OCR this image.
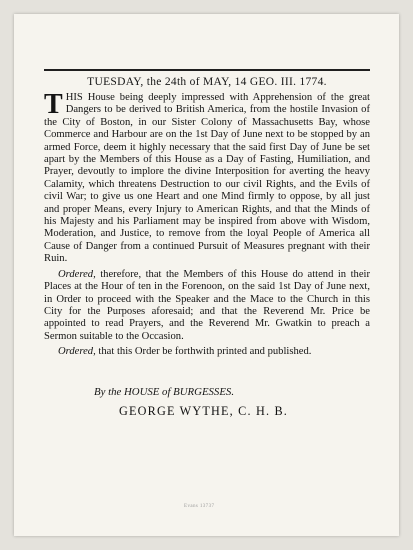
TUESDAY, the 24th of MAY, 14 GEO. III. 1774.

THIS House being deeply impressed with Apprehension of the great Dangers to be derived to British America, from the hostile Invasion of the City of Boston, in our Sister Colony of Massachusetts Bay, whose Commerce and Harbour are on the 1st Day of June next to be stopped by an armed Force, deem it highly necessary that the said first Day of June be set apart by the Members of this House as a Day of Fasting, Humiliation, and Prayer, devoutly to implore the divine Interposition for averting the heavy Calamity, which threatens Destruction to our civil Rights, and the Evils of civil War; to give us one Heart and one Mind firmly to oppose, by all just and proper Means, every Injury to American Rights, and that the Minds of his Majesty and his Parliament may be inspired from above with Wisdom, Moderation, and Justice, to remove from the loyal People of America all Cause of Danger from a continued Pursuit of Measures pregnant with their Ruin.

Ordered, therefore, that the Members of this House do attend in their Places at the Hour of ten in the Forenoon, on the said 1st Day of June next, in Order to proceed with the Speaker and the Mace to the Church in this City for the Purposes aforesaid; and that the Reverend Mr. Price be appointed to read Prayers, and the Reverend Mr. Gwatkin to preach a Sermon suitable to the Occasion.

Ordered, that this Order be forthwith printed and published.

By the HOUSE of BURGESSES.
GEORGE WYTHE, C. H. B.
Evans 13737
